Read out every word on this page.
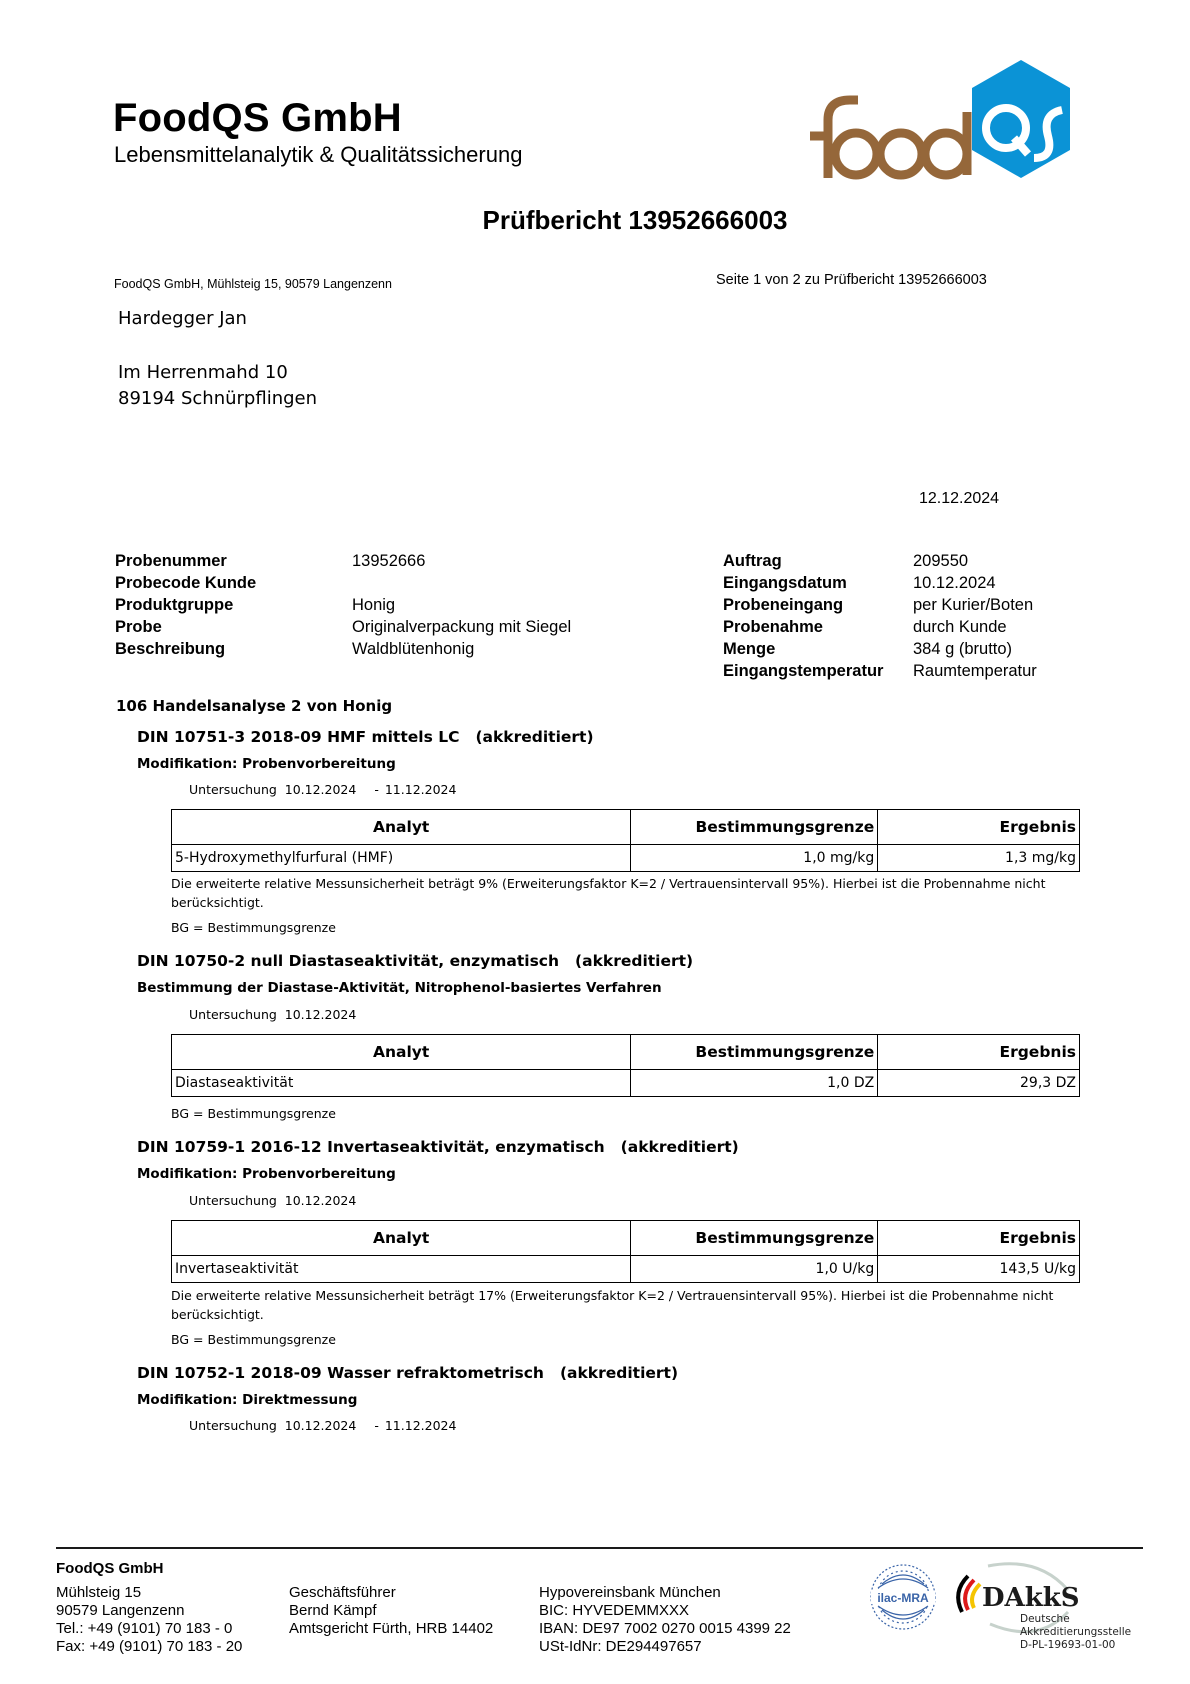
FoodQS GmbH
Lebensmittelanalytik & Qualitätssicherung
Prüfbericht 13952666003
FoodQS GmbH, Mühlsteig 15, 90579 Langenzenn	Seite 1 von 2 zu Prüfbericht 13952666003
Hardegger Jan
Im Herrenmahd 10
89194 Schnürpflingen
12.12.2024
Probenummer	13952666
Probecode Kunde
Produktgruppe	Honig
Probe	Originalverpackung mit Siegel
Beschreibung	Waldblütenhonig
Auftrag	209550
Eingangsdatum	10.12.2024
Probeneingang	per Kurier/Boten
Probenahme	durch Kunde
Menge	384 g (brutto)
Eingangstemperatur	Raumtemperatur
106 Handelsanalyse 2 von Honig
DIN 10751-3 2018-09 HMF mittels LC (akkreditiert)
Modifikation: Probenvorbereitung
Untersuchung 10.12.2024 - 11.12.2024
Analyt	Bestimmungsgrenze	Ergebnis
5-Hydroxymethylfurfural (HMF)	1,0 mg/kg	1,3 mg/kg
Die erweiterte relative Messunsicherheit beträgt 9% (Erweiterungsfaktor K=2 / Vertrauensintervall 95%). Hierbei ist die Probennahme nicht berücksichtigt.
BG = Bestimmungsgrenze
DIN 10750-2 null Diastaseaktivität, enzymatisch (akkreditiert)
Bestimmung der Diastase-Aktivität, Nitrophenol-basiertes Verfahren
Untersuchung 10.12.2024
Analyt	Bestimmungsgrenze	Ergebnis
Diastaseaktivität	1,0 DZ	29,3 DZ
BG = Bestimmungsgrenze
DIN 10759-1 2016-12 Invertaseaktivität, enzymatisch (akkreditiert)
Modifikation: Probenvorbereitung
Untersuchung 10.12.2024
Analyt	Bestimmungsgrenze	Ergebnis
Invertaseaktivität	1,0 U/kg	143,5 U/kg
Die erweiterte relative Messunsicherheit beträgt 17% (Erweiterungsfaktor K=2 / Vertrauensintervall 95%). Hierbei ist die Probennahme nicht berücksichtigt.
BG = Bestimmungsgrenze
DIN 10752-1 2018-09 Wasser refraktometrisch (akkreditiert)
Modifikation: Direktmessung
Untersuchung 10.12.2024 - 11.12.2024
FoodQS GmbH
Mühlsteig 15
90579 Langenzenn
Tel.: +49 (9101) 70 183 - 0
Fax: +49 (9101) 70 183 - 20
Geschäftsführer
Bernd Kämpf
Amtsgericht Fürth, HRB 14402
Hypovereinsbank München
BIC: HYVEDEMMXXX
IBAN: DE97 7002 0270 0015 4399 22
USt-IdNr: DE294497657
ilac-MRA DAkkS
Deutsche
Akkreditierungsstelle
D-PL-19693-01-00
